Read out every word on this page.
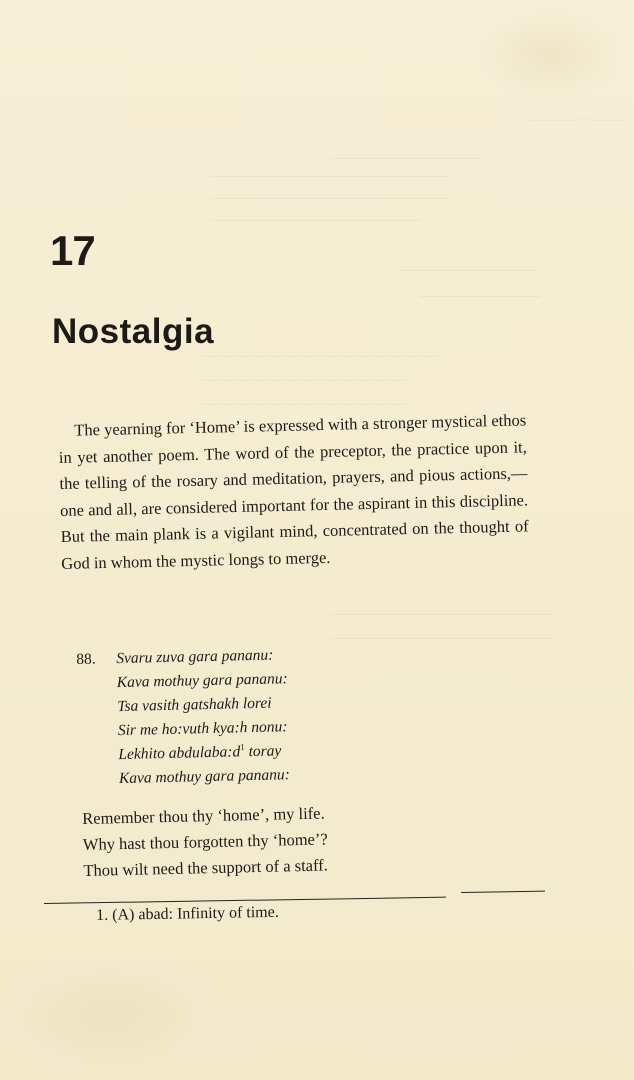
——— ·· ——
——————————
————————————————
————————————————
——————————————
—————————
————————
————————————————
——————————————
——————————————
———————————————
———————————————
17
Nostalgia

The yearning for ‘Home’ is expressed with a stronger mystical ethos in yet another poem. The word of the preceptor, the practice upon it, the telling of the rosary and meditation, prayers, and pious actions,—one and all, are considered important for the aspirant in this discipline. But the main plank is a vigilant mind, concentrated on the thought of God in whom the mystic longs to merge.

88. Svaru zuva gara pananu:
Kava mothuy gara pananu:
Tsa vasith gatshakh lorei
Sir me ho:vuth kya:h nonu:
Lekhito $abdulaba:d^1$ toray
Kava mothuy gara pananu:
Remember thou thy ‘home’, my life.
Why hast thou forgotten thy ‘home’?
Thou wilt need the support of a staff.
1. (A) abad: Infinity of time.
